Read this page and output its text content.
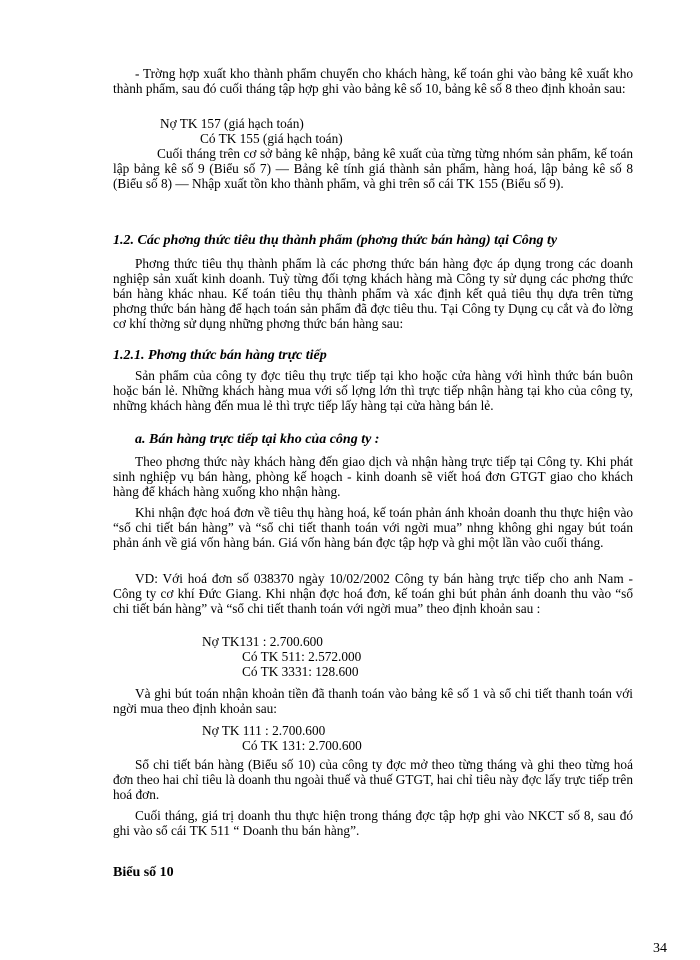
- Trờng hợp xuất kho thành phẩm chuyển cho khách hàng, kế toán ghi vào bảng kê xuất kho thành phẩm, sau đó cuối tháng tập hợp ghi vào bảng kê số 10, bảng kê số 8 theo định khoản sau:

Nợ TK 157 (giá hạch toán)

Có TK 155 (giá hạch toán)

Cuối tháng trên cơ sở bảng kê nhập, bảng kê xuất của từng từng nhóm sản phẩm, kế toán lập bảng kê số 9 (Biểu số 7) — Bảng kê tính giá thành sản phẩm, hàng hoá, lập bảng kê số 8 (Biểu số 8) — Nhập xuất tồn kho thành phẩm, và ghi trên sổ cái TK 155 (Biểu số 9).

1.2. Các phơng thức tiêu thụ thành phẩm (phơng thức bán hàng) tại Công ty

Phơng thức tiêu thụ thành phẩm là các phơng thức bán hàng đợc áp dụng trong các doanh nghiệp sản xuất kinh doanh. Tuỳ từng đối tợng khách hàng mà Công ty sử dụng các phơng thức bán hàng khác nhau. Kế toán tiêu thụ thành phẩm và xác định kết quả tiêu thụ dựa trên từng phơng thức bán hàng để hạch toán sản phẩm đã đợc tiêu thu. Tại Công ty Dụng cụ cắt và đo lờng cơ khí thờng sử dụng những phơng thức bán hàng sau:

1.2.1. Phơng thức bán hàng trực tiếp

Sản phẩm của công ty đợc tiêu thụ trực tiếp tại kho hoặc cửa hàng với hình thức bán buôn hoặc bán lẻ. Những khách hàng mua với số lợng lớn thì trực tiếp nhận hàng tại kho của công ty, những khách hàng đến mua lẻ thì trực tiếp lấy hàng tại cửa hàng bán lẻ.

a. Bán hàng trực tiếp tại kho của công ty :

Theo phơng thức này khách hàng đến giao dịch và nhận hàng trực tiếp tại Công ty. Khi phát sinh nghiệp vụ bán hàng, phòng kế hoạch - kinh doanh sẽ viết hoá đơn GTGT giao cho khách hàng để khách hàng xuống kho nhận hàng.

Khi nhận đợc hoá đơn về tiêu thụ hàng hoá, kế toán phản ánh khoản doanh thu thực hiện vào “sổ chi tiết bán hàng” và “sổ chi tiết thanh toán với ngời mua” nhng không ghi ngay bút toán phản ánh về giá vốn hàng bán. Giá vốn hàng bán đợc tập hợp và ghi một lần vào cuối tháng.

VD: Với hoá đơn số 038370 ngày 10/02/2002 Công ty bán hàng trực tiếp cho anh Nam - Công ty cơ khí Đức Giang. Khi nhận đợc hoá đơn, kế toán ghi bút phản ánh doanh thu vào “sổ chi tiết bán hàng” và “sổ chi tiết thanh toán với ngời mua” theo định khoản sau :

Nợ TK131 : 2.700.600

Có TK 511: 2.572.000

Có TK 3331: 128.600

Và ghi bút toán nhận khoản tiền đã thanh toán vào bảng kê số 1 và sổ chi tiết thanh toán với ngời mua theo định khoản sau:

Nợ TK 111 : 2.700.600

Có TK 131: 2.700.600

Sổ chi tiết bán hàng (Biểu số 10) của công ty đợc mở theo từng tháng và ghi theo từng hoá đơn theo hai chỉ tiêu là doanh thu ngoài thuế và thuế GTGT, hai chỉ tiêu này đợc lấy trực tiếp trên hoá đơn.

Cuối tháng, giá trị doanh thu thực hiện trong tháng đợc tập hợp ghi vào NKCT số 8, sau đó ghi vào sổ cái TK 511 “ Doanh thu bán hàng”.

Biểu số 10

34
